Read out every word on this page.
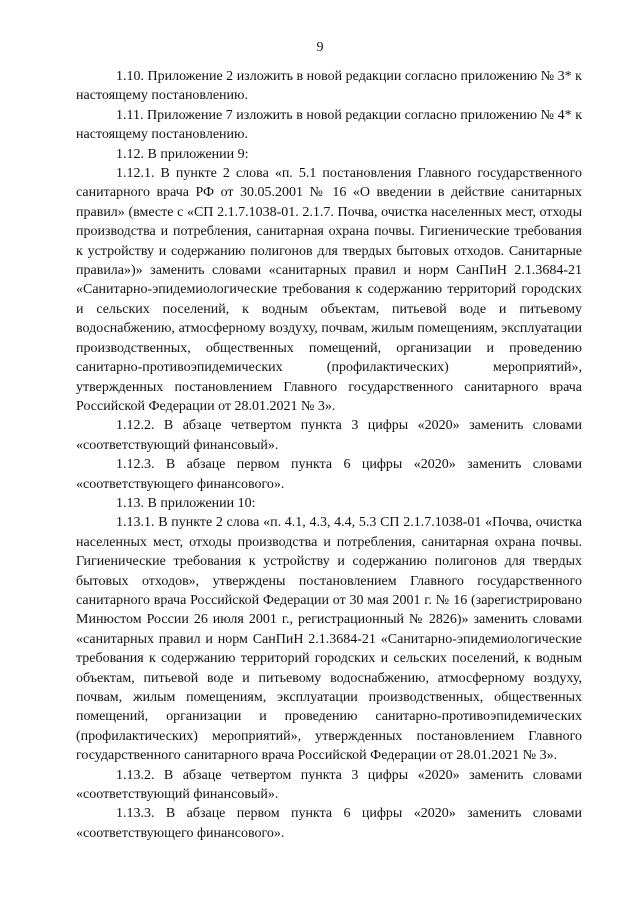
9

1.10. Приложение 2 изложить в новой редакции согласно приложению № 3* к настоящему постановлению.

1.11. Приложение 7 изложить в новой редакции согласно приложению № 4* к настоящему постановлению.

1.12. В приложении 9:

1.12.1. В пункте 2 слова «п. 5.1 постановления Главного государственного санитарного врача РФ от 30.05.2001 № 16 «О введении в действие санитарных правил» (вместе с «СП 2.1.7.1038-01. 2.1.7. Почва, очистка населенных мест, отходы производства и потребления, санитарная охрана почвы. Гигиенические требования к устройству и содержанию полигонов для твердых бытовых отходов. Санитарные правила»)» заменить словами «санитарных правил и норм СанПиН 2.1.3684-21 «Санитарно-эпидемиологические требования к содержанию территорий городских и сельских поселений, к водным объектам, питьевой воде и питьевому водоснабжению, атмосферному воздуху, почвам, жилым помещениям, эксплуатации производственных, общественных помещений, организации и проведению санитарно-противоэпидемических (профилактических) мероприятий», утвержденных постановлением Главного государственного санитарного врача Российской Федерации от 28.01.2021 № 3».

1.12.2. В абзаце четвертом пункта 3 цифры «2020» заменить словами «соответствующий финансовый».

1.12.3. В абзаце первом пункта 6 цифры «2020» заменить словами «соответствующего финансового».

1.13. В приложении 10:

1.13.1. В пункте 2 слова «п. 4.1, 4.3, 4.4, 5.3 СП 2.1.7.1038-01 «Почва, очистка населенных мест, отходы производства и потребления, санитарная охрана почвы. Гигиенические требования к устройству и содержанию полигонов для твердых бытовых отходов», утверждены постановлением Главного государственного санитарного врача Российской Федерации от 30 мая 2001 г. № 16 (зарегистрировано Минюстом России 26 июля 2001 г., регистрационный № 2826)» заменить словами «санитарных правил и норм СанПиН 2.1.3684-21 «Санитарно-эпидемиологические требования к содержанию территорий городских и сельских поселений, к водным объектам, питьевой воде и питьевому водоснабжению, атмосферному воздуху, почвам, жилым помещениям, эксплуатации производственных, общественных помещений, организации и проведению санитарно-противоэпидемических (профилактических) мероприятий», утвержденных постановлением Главного государственного санитарного врача Российской Федерации от 28.01.2021 № 3».

1.13.2. В абзаце четвертом пункта 3 цифры «2020» заменить словами «соответствующий финансовый».

1.13.3. В абзаце первом пункта 6 цифры «2020» заменить словами «соответствующего финансового».
